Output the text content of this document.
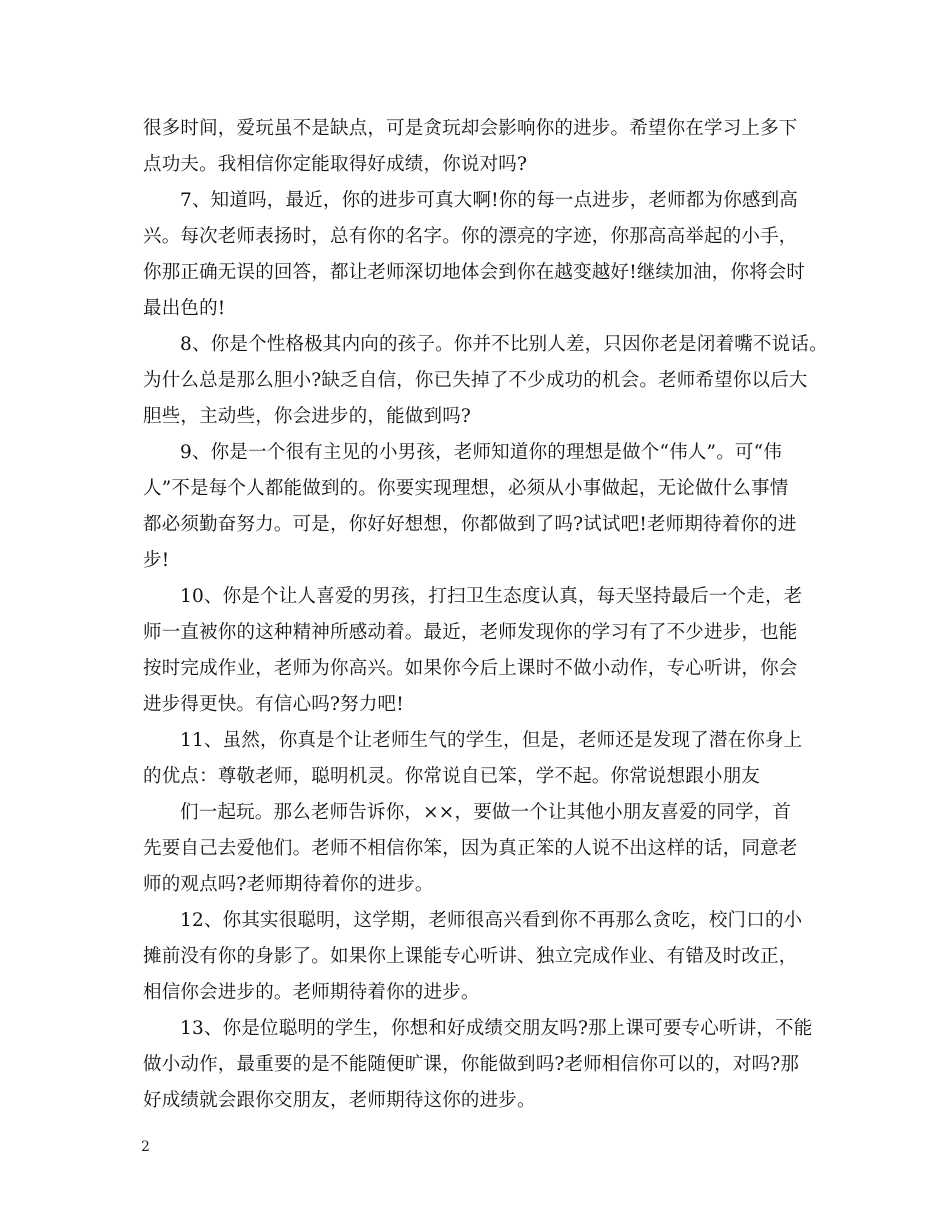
很多时间，爱玩虽不是缺点，可是贪玩却会影响你的进步。希望你在学习上多下
点功夫。我相信你定能取得好成绩，你说对吗?
7、知道吗，最近，你的进步可真大啊!你的每一点进步，老师都为你感到高
兴。每次老师表扬时，总有你的名字。你的漂亮的字迹，你那高高举起的小手，
你那正确无误的回答，都让老师深切地体会到你在越变越好!继续加油，你将会时
最出色的!
8、你是个性格极其内向的孩子。你并不比别人差，只因你老是闭着嘴不说话。
为什么总是那么胆小?缺乏自信，你已失掉了不少成功的机会。老师希望你以后大
胆些，主动些，你会进步的，能做到吗?
9、你是一个很有主见的小男孩，老师知道你的理想是做个“伟人”。可“伟
人”不是每个人都能做到的。你要实现理想，必须从小事做起，无论做什么事情
都必须勤奋努力。可是，你好好想想，你都做到了吗?试试吧!老师期待着你的进
步!
10、你是个让人喜爱的男孩，打扫卫生态度认真，每天坚持最后一个走，老
师一直被你的这种精神所感动着。最近，老师发现你的学习有了不少进步，也能
按时完成作业，老师为你高兴。如果你今后上课时不做小动作，专心听讲，你会
进步得更快。有信心吗?努力吧!
11、虽然，你真是个让老师生气的学生，但是，老师还是发现了潜在你身上
的优点：尊敬老师，聪明机灵。你常说自已笨，学不起。你常说想跟小朋友
们一起玩。那么老师告诉你，××，要做一个让其他小朋友喜爱的同学，首
先要自己去爱他们。老师不相信你笨，因为真正笨的人说不出这样的话，同意老
师的观点吗?老师期待着你的进步。
12、你其实很聪明，这学期，老师很高兴看到你不再那么贪吃，校门口的小
摊前没有你的身影了。如果你上课能专心听讲、独立完成作业、有错及时改正，
相信你会进步的。老师期待着你的进步。
13、你是位聪明的学生，你想和好成绩交朋友吗?那上课可要专心听讲，不能
做小动作，最重要的是不能随便旷课，你能做到吗?老师相信你可以的，对吗?那
好成绩就会跟你交朋友，老师期待这你的进步。
2
